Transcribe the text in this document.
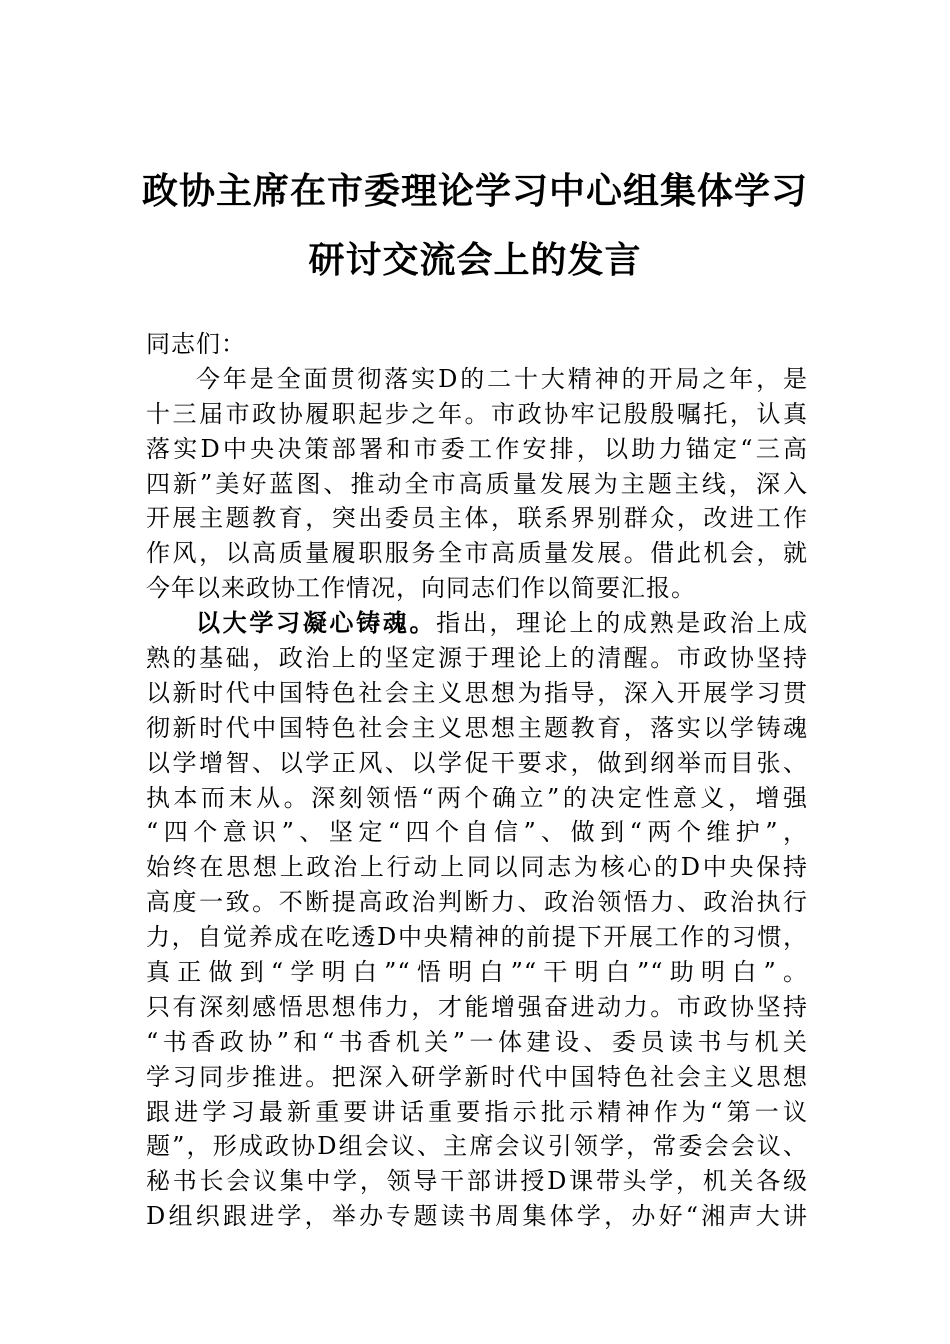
政协主席在市委理论学习中心组集体学习
研讨交流会上的发言
同志们：
今年是全面贯彻落实D的二十大精神的开局之年，是
十三届市政协履职起步之年。市政协牢记殷殷嘱托，认真
落实D中央决策部署和市委工作安排，以助力锚定“三高
四新”美好蓝图、推动全市高质量发展为主题主线，深入
开展主题教育，突出委员主体，联系界别群众，改进工作
作风，以高质量履职服务全市高质量发展。借此机会，就
今年以来政协工作情况，向同志们作以简要汇报。
以大学习凝心铸魂。指出，理论上的成熟是政治上成
熟的基础，政治上的坚定源于理论上的清醒。市政协坚持
以新时代中国特色社会主义思想为指导，深入开展学习贯
彻新时代中国特色社会主义思想主题教育，落实以学铸魂
以学增智、以学正风、以学促干要求，做到纲举而目张、
执本而末从。深刻领悟“两个确立”的决定性意义，增强
“四个意识”、坚定“四个自信”、做到“两个维护”，
始终在思想上政治上行动上同以同志为核心的D中央保持
高度一致。不断提高政治判断力、政治领悟力、政治执行
力，自觉养成在吃透D中央精神的前提下开展工作的习惯，
真正做到“学明白”“悟明白”“干明白”“助明白”。
只有深刻感悟思想伟力，才能增强奋进动力。市政协坚持
“书香政协”和“书香机关”一体建设、委员读书与机关
学习同步推进。把深入研学新时代中国特色社会主义思想
跟进学习最新重要讲话重要指示批示精神作为“第一议
题”，形成政协D组会议、主席会议引领学，常委会会议、
秘书长会议集中学，领导干部讲授D课带头学，机关各级
D组织跟进学，举办专题读书周集体学，办好“湘声大讲
